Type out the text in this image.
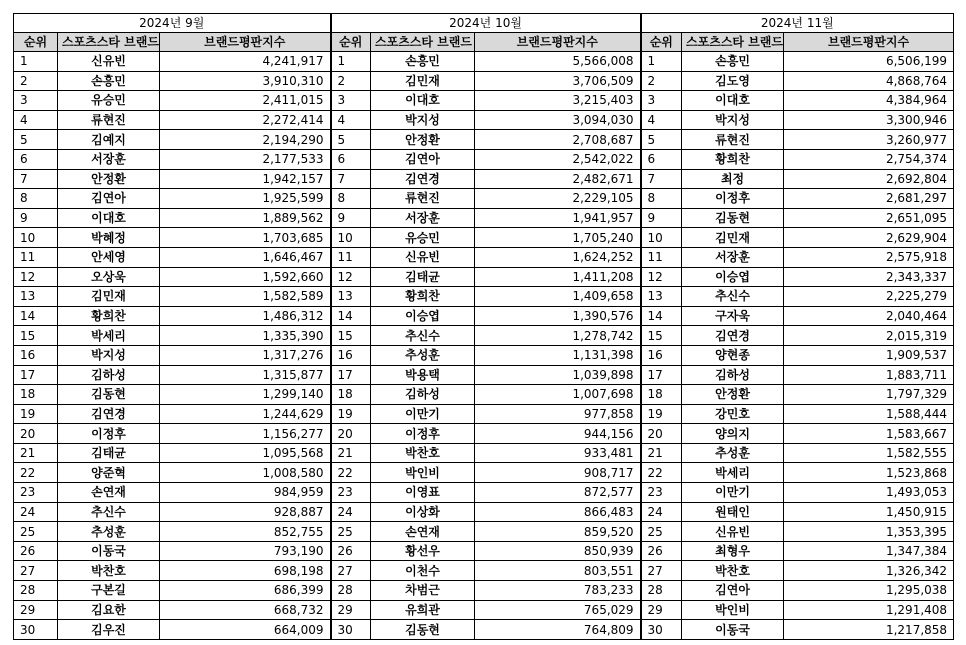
2024년 9월			2024년 10월			2024년 11월		
순위	스포츠스타 브랜드	브랜드평판지수	순위	스포츠스타 브랜드	브랜드평판지수	순위	스포츠스타 브랜드	브랜드평판지수
1	신유빈	4,241,917	1	손흥민	5,566,008	1	손흥민	6,506,199
2	손흥민	3,910,310	2	김민재	3,706,509	2	김도영	4,868,764
3	유승민	2,411,015	3	이대호	3,215,403	3	이대호	4,384,964
4	류현진	2,272,414	4	박지성	3,094,030	4	박지성	3,300,946
5	김예지	2,194,290	5	안정환	2,708,687	5	류현진	3,260,977
6	서장훈	2,177,533	6	김연아	2,542,022	6	황희찬	2,754,374
7	안정환	1,942,157	7	김연경	2,482,671	7	최정	2,692,804
8	김연아	1,925,599	8	류현진	2,229,105	8	이정후	2,681,297
9	이대호	1,889,562	9	서장훈	1,941,957	9	김동현	2,651,095
10	박혜정	1,703,685	10	유승민	1,705,240	10	김민재	2,629,904
11	안세영	1,646,467	11	신유빈	1,624,252	11	서장훈	2,575,918
12	오상욱	1,592,660	12	김태균	1,411,208	12	이승엽	2,343,337
13	김민재	1,582,589	13	황희찬	1,409,658	13	추신수	2,225,279
14	황희찬	1,486,312	14	이승엽	1,390,576	14	구자욱	2,040,464
15	박세리	1,335,390	15	추신수	1,278,742	15	김연경	2,015,319
16	박지성	1,317,276	16	추성훈	1,131,398	16	양현종	1,909,537
17	김하성	1,315,877	17	박용택	1,039,898	17	김하성	1,883,711
18	김동현	1,299,140	18	김하성	1,007,698	18	안정환	1,797,329
19	김연경	1,244,629	19	이만기	977,858	19	강민호	1,588,444
20	이정후	1,156,277	20	이정후	944,156	20	양의지	1,583,667
21	김태균	1,095,568	21	박찬호	933,481	21	추성훈	1,582,555
22	양준혁	1,008,580	22	박인비	908,717	22	박세리	1,523,868
23	손연재	984,959	23	이영표	872,577	23	이만기	1,493,053
24	추신수	928,887	24	이상화	866,483	24	원태인	1,450,915
25	추성훈	852,755	25	손연재	859,520	25	신유빈	1,353,395
26	이동국	793,190	26	황선우	850,939	26	최형우	1,347,384
27	박찬호	698,198	27	이천수	803,551	27	박찬호	1,326,342
28	구본길	686,399	28	차범근	783,233	28	김연아	1,295,038
29	김요한	668,732	29	유희관	765,029	29	박인비	1,291,408
30	김우진	664,009	30	김동현	764,809	30	이동국	1,217,858
